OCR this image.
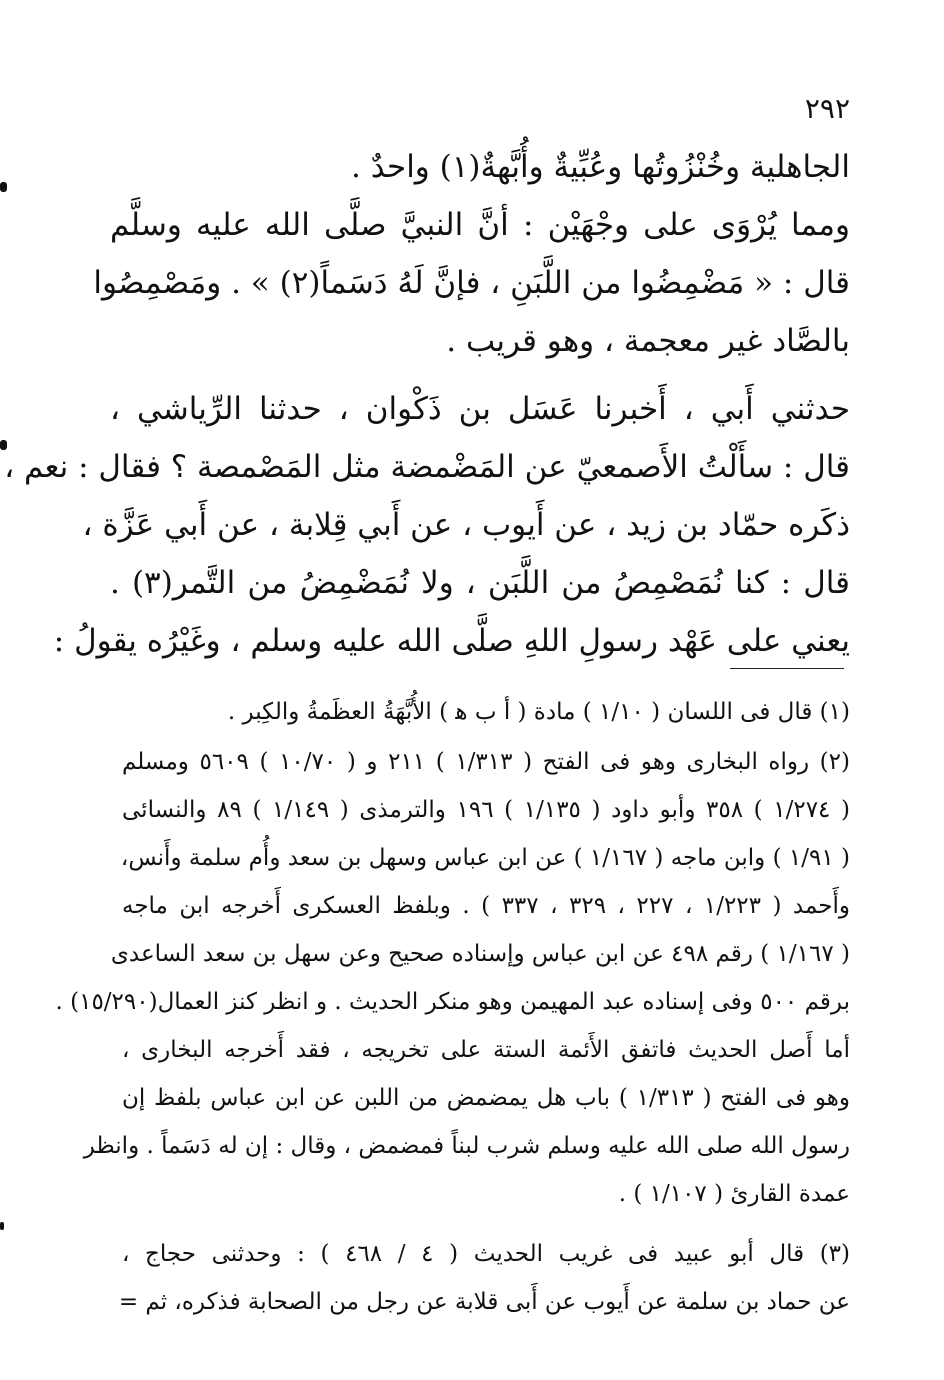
٢٩٢
الجاهلية وخُنْزُوتُها وعُبِّيةٌ وأُبَّهةٌ(١) واحدٌ .
ومما يُرْوَى على وجْهَيْن : أنَّ النبيَّ صلَّى الله عليه وسلَّم
قال : « مَضْمِضُوا من اللَّبَنِ ، فإنَّ لَهُ دَسَماً(٢) » . ومَصْمِصُوا
بالصَّاد غير معجمة ، وهو قريب .
حدثني أَبي ، أَخبرنا عَسَل بن ذَكْوان ، حدثنا الرِّياشي ،
قال : سأَلْتُ الأَصمعيّ عن المَضْمضة مثل المَصْمصة ؟ فقال : نعم ،
ذكَره حمّاد بن زيد ، عن أَيوب ، عن أَبي قِلابة ، عن أَبي عَزَّة ،
قال : كنا نُمَصْمِصُ من اللَّبَن ، ولا نُمَضْمِضُ من التَّمر(٣) .
يعني على عَهْد رسولِ اللهِ صلَّى الله عليه وسلم ، وغَيْرُه يقولُ :
(١) قال فى اللسان ( ١/١٠ ) مادة ( أ ب ﻫ ) الأُبَّهَةُ العظَمةُ والكِبر .
(٢) رواه البخارى وهو فى الفتح ( ١/٣١٣ ) ٢١١ و ( ١٠/٧٠ ) ٥٦٠٩ ومسلم
( ١/٢٧٤ ) ٣٥٨ وأبو داود ( ١/١٣٥ ) ١٩٦ والترمذى ( ١/١٤٩ ) ٨٩ والنسائى
( ١/٩١ ) وابن ماجه ( ١/١٦٧ ) عن ابن عباس وسهل بن سعد وأُم سلمة وأَنس،
وأَحمد ( ١/٢٢٣ ، ٢٢٧ ، ٣٢٩ ، ٣٣٧ ) . وبلفظ العسكرى أَخرجه ابن ماجه
( ١/١٦٧ ) رقم ٤٩٨ عن ابن عباس وإسناده صحيح وعن سهل بن سعد الساعدى
برقم ٥٠٠ وفى إسناده عبد المهيمن وهو منكر الحديث . و انظر كنز العمال(١٥/٢٩٠) .
أما أَصل الحديث فاتفق الأَئمة الستة على تخريجه ، فقد أَخرجه البخارى ،
وهو فى الفتح ( ١/٣١٣ ) باب هل يمضمض من اللبن عن ابن عباس بلفظ إن
رسول الله صلى الله عليه وسلم شرب لبناً فمضمض ، وقال : إن له دَسَماً . وانظر
عمدة القارئ ( ١/١٠٧ ) .
(٣) قال أبو عبيد فى غريب الحديث ( ٤ / ٤٦٨ ) : وحدثنى حجاج ،
عن حماد بن سلمة عن أَيوب عن أَبى قلابة عن رجل من الصحابة فذكره، ثم =
